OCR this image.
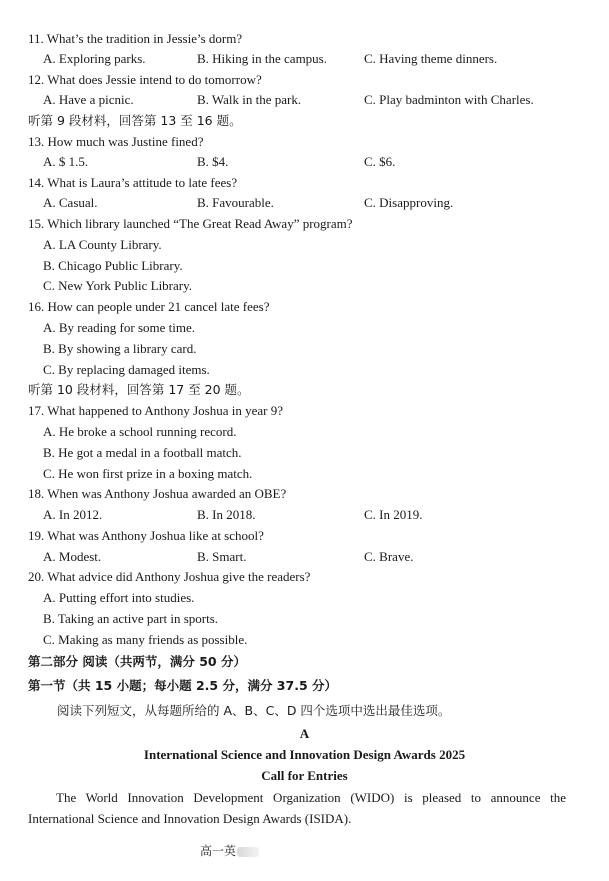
11. What’s the tradition in Jessie’s dorm?
A. Exploring parks.	B. Hiking in the campus.	C. Having theme dinners.
12. What does Jessie intend to do tomorrow?
A. Have a picnic.	B. Walk in the park.	C. Play badminton with Charles.
听第 9 段材料，回答第 13 至 16 题。
13. How much was Justine fined?
A. $ 1.5.	B. $4.	C. $6.
14. What is Laura’s attitude to late fees?
A. Casual.	B. Favourable.	C. Disapproving.
15. Which library launched “The Great Read Away” program?
A. LA County Library.
B. Chicago Public Library.
C. New York Public Library.
16. How can people under 21 cancel late fees?
A. By reading for some time.
B. By showing a library card.
C. By replacing damaged items.
听第 10 段材料，回答第 17 至 20 题。
17. What happened to Anthony Joshua in year 9?
A. He broke a school running record.
B. He got a medal in a football match.
C. He won first prize in a boxing match.
18. When was Anthony Joshua awarded an OBE?
A. In 2012.	B. In 2018.	C. In 2019.
19. What was Anthony Joshua like at school?
A. Modest.	B. Smart.	C. Brave.
20. What advice did Anthony Joshua give the readers?
A. Putting effort into studies.
B. Taking an active part in sports.
C. Making as many friends as possible.
第二部分 阅读（共两节，满分 50 分）
第一节（共 15 小题；每小题 2.5 分，满分 37.5 分）
阅读下列短文，从每题所给的 A、B、C、D 四个选项中选出最佳选项。
A
International Science and Innovation Design Awards 2025
Call for Entries
The World Innovation Development Organization (WIDO) is pleased to announce the International Science and Innovation Design Awards (ISIDA).
高一英
